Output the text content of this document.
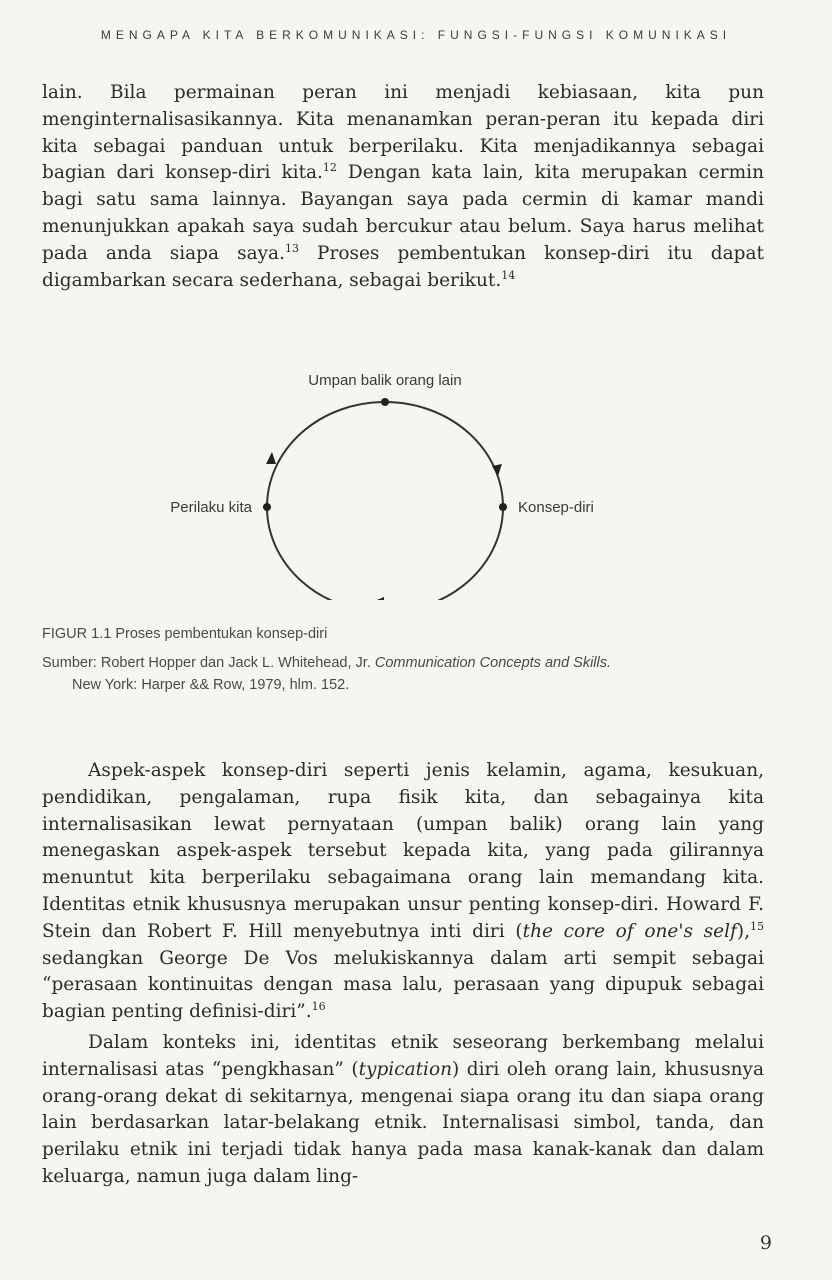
MENGAPA KITA BERKOMUNIKASI: FUNGSI-FUNGSI KOMUNIKASI

lain. Bila permainan peran ini menjadi kebiasaan, kita pun menginternalisasikannya. Kita menanamkan peran-peran itu kepada diri kita sebagai panduan untuk berperilaku. Kita menjadikannya sebagai bagian dari konsep-diri kita.$^{12}$ Dengan kata lain, kita merupakan cermin bagi satu sama lainnya. Bayangan saya pada cermin di kamar mandi menunjukkan apakah saya sudah bercukur atau belum. Saya harus melihat pada anda siapa saya.$^{13}$ Proses pembentukan konsep-diri itu dapat digambarkan secara sederhana, sebagai berikut.$^{14}$

Umpan balik orang lain
Perilaku kita	Konsep-diri
FIGUR 1.1 Proses pembentukan konsep-diri
Sumber: Robert Hopper dan Jack L. Whitehead, Jr. Communication Concepts and Skills.
New York: Harper && Row, 1979, hlm. 152.

Aspek-aspek konsep-diri seperti jenis kelamin, agama, kesukuan, pendidikan, pengalaman, rupa fisik kita, dan sebagainya kita internalisasikan lewat pernyataan (umpan balik) orang lain yang menegaskan aspek-aspek tersebut kepada kita, yang pada gilirannya menuntut kita berperilaku sebagaimana orang lain memandang kita. Identitas etnik khususnya merupakan unsur penting konsep-diri. Howard F. Stein dan Robert F. Hill menyebutnya inti diri (the core of one's self),$^{15}$ sedangkan George De Vos melukiskannya dalam arti sempit sebagai “perasaan kontinuitas dengan masa lalu, perasaan yang dipupuk sebagai bagian penting definisi-diri”.$^{16}$

Dalam konteks ini, identitas etnik seseorang berkembang melalui internalisasi atas “pengkhasan” (typication) diri oleh orang lain, khususnya orang-orang dekat di sekitarnya, mengenai siapa orang itu dan siapa orang lain berdasarkan latar-belakang etnik. Internalisasi simbol, tanda, dan perilaku etnik ini terjadi tidak hanya pada masa kanak-kanak dan dalam keluarga, namun juga dalam ling-

9
